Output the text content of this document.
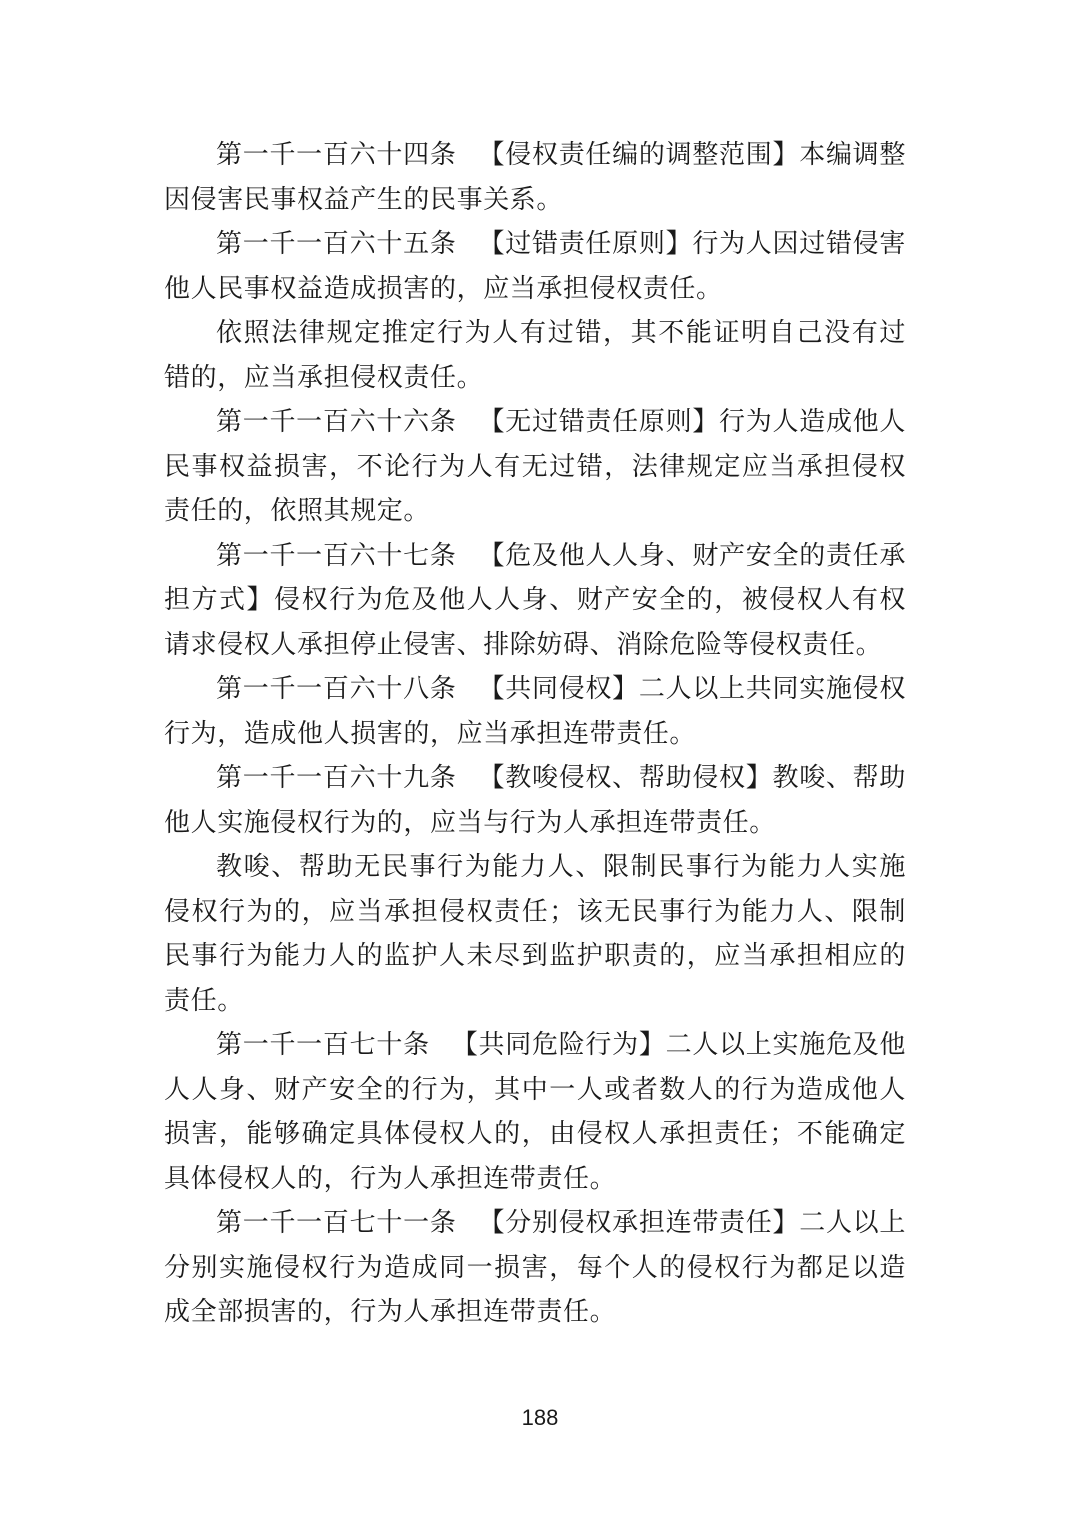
第一千一百六十四条 【侵权责任编的调整范围】本编调整因侵害民事权益产生的民事关系。

第一千一百六十五条 【过错责任原则】行为人因过错侵害他人民事权益造成损害的，应当承担侵权责任。

依照法律规定推定行为人有过错，其不能证明自己没有过错的，应当承担侵权责任。

第一千一百六十六条 【无过错责任原则】行为人造成他人民事权益损害，不论行为人有无过错，法律规定应当承担侵权责任的，依照其规定。

第一千一百六十七条 【危及他人人身、财产安全的责任承担方式】侵权行为危及他人人身、财产安全的，被侵权人有权请求侵权人承担停止侵害、排除妨碍、消除危险等侵权责任。

第一千一百六十八条 【共同侵权】二人以上共同实施侵权行为，造成他人损害的，应当承担连带责任。

第一千一百六十九条 【教唆侵权、帮助侵权】教唆、帮助他人实施侵权行为的，应当与行为人承担连带责任。

教唆、帮助无民事行为能力人、限制民事行为能力人实施侵权行为的，应当承担侵权责任；该无民事行为能力人、限制民事行为能力人的监护人未尽到监护职责的，应当承担相应的责任。

第一千一百七十条 【共同危险行为】二人以上实施危及他人人身、财产安全的行为，其中一人或者数人的行为造成他人损害，能够确定具体侵权人的，由侵权人承担责任；不能确定具体侵权人的，行为人承担连带责任。

第一千一百七十一条 【分别侵权承担连带责任】二人以上分别实施侵权行为造成同一损害，每个人的侵权行为都足以造成全部损害的，行为人承担连带责任。

188
